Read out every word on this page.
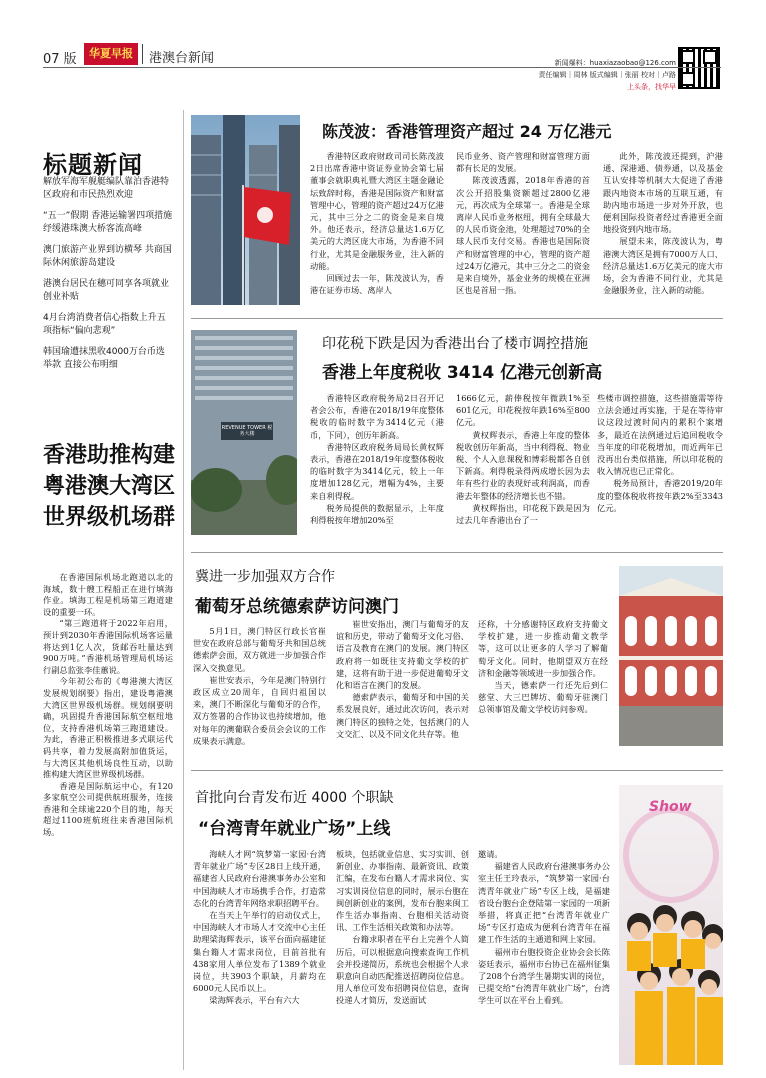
07 版	华夏早报	港澳台新闻	新闻爆料：huaxiazaobao@126.com
责任编辑｜周林 版式编辑｜张丽 校对｜卢路
上头条，找华早
标题新闻

解放军海军舰艇编队靠泊香港特区政府和市民热烈欢迎

“五一”假期 香港运输署四项措施纾缓港珠澳大桥客流高峰

澳门旅游产业界到访横琴 共商国际休闲旅游岛建设

港澳台居民在穗可同享各项就业创业补贴

4月台湾消费者信心指数上升五项指标“偏向悲观”

韩国瑜遭抹黑收4000万台币选举款 直接公布明细

香港助推构建粤港澳大湾区世界级机场群

在香港国际机场北跑道以北的海域，数十艘工程船正在进行填海作业。填海工程是机场第三跑道建设的重要一环。

“第三跑道将于2022年启用，预计到2030年香港国际机场客运量将达到1亿人次，货邮吞吐量达到900万吨。”香港机场管理局机场运行副总监张李佳蕙说。

今年初公布的《粤港澳大湾区发展规划纲要》指出，建设粤港澳大湾区世界级机场群。规划纲要明确，巩固提升香港国际航空枢纽地位，支持香港机场第三跑道建设。为此，香港正积极推进多式联运代码共享，着力发展高附加值货运，与大湾区其他机场良性互动，以助推构建大湾区世界级机场群。

香港是国际航运中心，有120多家航空公司提供航班服务，连接香港和全球逾220个目的地，每天超过1100班航班往来香港国际机场。

陈茂波：香港管理资产超过 24 万亿港元

香港特区政府财政司司长陈茂波2日出席香港中资证券业协会第七届董事会就职典礼暨大湾区主题金融论坛致辞时称，香港是国际资产和财富管理中心，管理的资产超过24万亿港元，其中三分之二的资金是来自境外。他还表示，经济总量达1.6万亿美元的大湾区庞大市场，为香港不同行业，尤其是金融服务业，注入新的动能。

回顾过去一年，陈茂波认为，香港在证券市场、离岸人

民币业务、资产管理和财富管理方面都有长足的发展。

陈茂波透露，2018年香港的首次公开招股集资额超过2800亿港元，再次成为全球第一。香港是全球离岸人民币业务枢纽，拥有全球最大的人民币资金池，处理超过70%的全球人民币支付交易。香港也是国际资产和财富管理的中心，管理的资产超过24万亿港元，其中三分之二的资金是来自境外，基金业务的规模在亚洲区也是首屈一指。

此外，陈茂波还提到，沪港通、深港通、债券通，以及基金互认安排等机制大大促进了香港跟内地资本市场的互联互通，有助内地市场进一步对外开放，也便利国际投资者经过香港更全面地投资到内地市场。

展望未来，陈茂波认为，粤港澳大湾区是拥有7000万人口、经济总量达1.6万亿美元的庞大市场，会为香港不同行业，尤其是金融服务业，注入新的动能。

REVENUE TOWER 税务大楼
印花税下跌是因为香港出台了楼市调控措施
香港上年度税收 3414 亿港元创新高

香港特区政府税务局2日召开记者会公布，香港在2018/19年度整体税收的临时数字为3414亿元（港币，下同），创历年新高。

香港特区政府税务局局长黄权辉表示，香港在2018/19年度整体税收的临时数字为3414亿元，较上一年度增加128亿元，增幅为4%，主要来自利得税。

税务局提供的数据显示，上年度利得税按年增加20%至

1666亿元，薪俸税按年微跌1%至601亿元，印花税按年跌16%至800亿元。

黄权辉表示，香港上年度的整体税收创历年新高，当中利得税、物业税、个人入息课税和博彩税都各自创下新高。利得税录得两成增长因为去年有些行业的表现好或利润高，而香港去年整体的经济增长也不错。

黄权辉指出，印花税下跌是因为过去几年香港出台了一

些楼市调控措施，这些措施需等待立法会通过再实施，于是在等待审议这段过渡时间内的累积个案增多，最近在法例通过后追回税收令当年度的印花税增加，而近两年已没再出台类似措施，所以印花税的收入情况也已正常化。

税务局预计，香港2019/20年度的整体税收将按年跌2%至3343亿元。

冀进一步加强双方合作
葡萄牙总统德索萨访问澳门

5月1日，澳门特区行政长官崔世安在政府总部与葡萄牙共和国总统德索萨会面，双方就进一步加强合作深入交换意见。

崔世安表示，今年是澳门特别行政区成立20周年，自回归祖国以来，澳门不断深化与葡萄牙的合作，双方签署的合作协议也持续增加，他对每年的澳葡联合委员会会议的工作成果表示满意。

崔世安指出，澳门与葡萄牙的友谊和历史，带动了葡萄牙文化习俗、语言及教育在澳门的发展。澳门特区政府将一如既往支持葡文学校的扩建，这将有助于进一步促进葡萄牙文化和语言在澳门的发展。

德索萨表示，葡萄牙和中国的关系发展良好，通过此次访问，表示对澳门特区的独特之处，包括澳门的人文交汇、以及不同文化共存等。他

还称，十分感谢特区政府支持葡文学校扩建，进一步推动葡文教学等，这可以让更多的人学习了解葡萄牙文化。同时，他期望双方在经济和金融等领域进一步加强合作。

当天，德索萨一行还先后到仁慈堂、大三巴牌坊、葡萄牙驻澳门总领事馆及葡文学校访问参观。

首批向台青发布近 4000 个职缺
“台湾青年就业广场”上线

海峡人才网“筑梦第一家园·台湾青年就业广场”专区28日上线开通，福建省人民政府台港澳事务办公室和中国海峡人才市场携手合作，打造常态化的台湾青年网络求职招聘平台。

在当天上午举行的启动仪式上，中国海峡人才市场人才交流中心主任助理梁海辉表示，该平台面向福建征集台籍人才需求岗位，目前首批有438家用人单位发布了1389个就业岗位，共3903个职缺，月薪均在6000元人民币以上。

梁海辉表示，平台有六大

板块，包括就业信息、实习实训、创新创业、办事指南、最新资讯、政策汇编，在发布台籍人才需求岗位、实习实训岗位信息的同时，展示台胞在闽创新创业的案例，发布台胞来闽工作生活办事指南、台胞相关活动资讯、工作生活相关政策和办法等。

台籍求职者在平台上完善个人简历后，可以根据意向搜索查询工作机会并投递简历，系统也会根据个人求职意向自动匹配推送招聘岗位信息。用人单位可发布招聘岗位信息，查询投递人才简历，发送面试

邀请。

福建省人民政府台港澳事务办公室主任王玲表示，“筑梦第一家园·台湾青年就业广场”专区上线，是福建省设台胞台企登陆第一家园的一项新举措，将真正把“台湾青年就业广场”专区打造成为便利台湾青年在福建工作生活的主通道和网上家园。

福州市台胞投资企业协会会长陈姿廷表示，福州市台协已在福州征集了208个台湾学生暑期实训的岗位，已提交给“台湾青年就业广场”，台湾学生可以在平台上看到。

Show
